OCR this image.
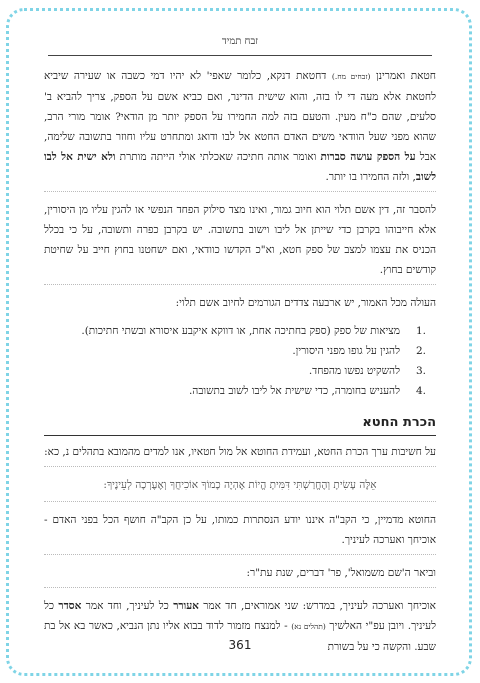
זבח תמיד

חטאת ואמרינן (זבחים מח.) דחטאת דנקא, כלומר שאפי' לא יהיו דמי כשבה או שעירה שיביא לחטאת אלא מעה די לו בזה, והוא שישית הדינר, ואם כביא אשם על הספק, צריך להביא ב' סלעים, שהם כ"ח מעין. והטעם בזה למה החמירו על הספק יותר מן הודאי? אומר מורי הרב, שהוא מפני שעל הוודאי משים האדם החטא אל לבו ודואג ומתחרט עליו וחוזר בתשובה שלימה, אבל על הספק עושה סברות ואומר אותה חתיכה שאכלתי אולי הייתה מותרת ולא ישית אל לבו לשוב, ולזה החמירו בו יותר.

להסבר זה, דין אשם תלוי הוא חיוב גמור, ואינו מצד סילוק הפחד הנפשי או להגין עליו מן היסורין, אלא חייבוהו בקרבן כדי שייתן אל ליבו וישוב בתשובה. יש בקרבן כפרה ותשובה, על כי בכלל הכניס את עצמו למצב של ספק חטא, וא"כ הקדשו כוודאי, ואם ישחטנו בחוץ חייב על שחיטת קודשים בחוץ.

העולה מכל האמור, יש ארבעה צדדים הגורמים לחיוב אשם תלוי:

.1
מציאות של ספק (ספק בחתיכה אחת, או דווקא איקבע איסורא ובשתי חתיכות).
.2
להגין על גופו מפני היסורין.
.3
להשקיט נפשו מהפחד.
.4
להעניש בחומרה, כדי שישית אל ליבו לשוב בתשובה.
הכרת החטא

על חשיבות ערך הכרת החטא, ועמידת החוטא אל מול חטאיו, אנו למדים מהמובא בתהלים נ, כא:

אֵלֶּה עָשִׂיתָ וְהֶחֱרַשְׁתִּי דִּמִּיתָ הֱיוֹת אֶהְיֶה כָמוֹךָ אוֹכִיחֲךָ וְאֶעֶרְכָה לְעֵינֶיךָ:

החוטא מדמיין, כי הקב"ה איננו יודע הנסתרות כמותו, על כן הקב"ה חושף הכל בפני האדם - אוכיחך ואערכה לעיניך.

וביאר ה'שם משמואל', פר' דברים, שנת עת"ר:

אוכיחך ואערכה לעיניך, במדרש: שני אמוראים, חד אמר אעורר כל לעיניך, וחד אמר אסדר כל לעיניך. ויובן עפ"י האלשיך (תהלים נא) - למנצח מזמור לדוד בבוא אליו נתן הנביא, כאשר בא אל בת שבע. והקשה כי על בשורת

361
